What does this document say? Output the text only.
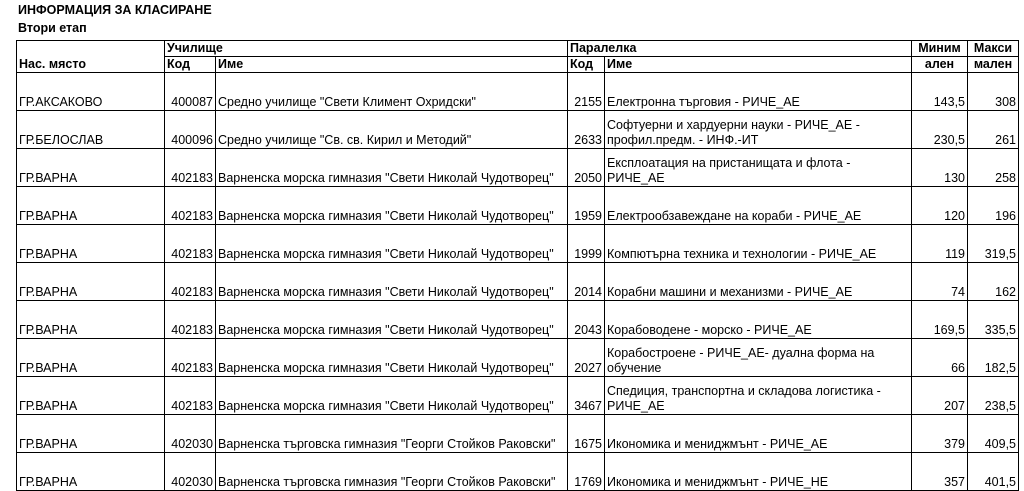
ИНФОРМАЦИЯ ЗА КЛАСИРАНЕ
Втори етап
Нас. място	Училище		Паралелка		Миним	Макси
	Код	Име	Код	Име	ален	мален
ГР.АКСАКОВО	400087	Средно училище "Свети Климент Охридски"	2155	Електронна търговия - РИЧЕ_АЕ	143,5	308
ГР.БЕЛОСЛАВ	400096	Средно училище "Св. св. Кирил и Методий"	2633	Софтуерни и хардуерни науки - РИЧЕ_АЕ - профил.предм. - ИНФ.-ИТ	230,5	261
ГР.ВАРНА	402183	Варненска морска гимназия "Свети Николай Чудотворец"	2050	Експлоатация на пристанищата и флота - РИЧЕ_АЕ	130	258
ГР.ВАРНА	402183	Варненска морска гимназия "Свети Николай Чудотворец"	1959	Електрообзавеждане на кораби - РИЧЕ_АЕ	120	196
ГР.ВАРНА	402183	Варненска морска гимназия "Свети Николай Чудотворец"	1999	Компютърна техника и технологии - РИЧЕ_АЕ	119	319,5
ГР.ВАРНА	402183	Варненска морска гимназия "Свети Николай Чудотворец"	2014	Корабни машини и механизми - РИЧЕ_АЕ	74	162
ГР.ВАРНА	402183	Варненска морска гимназия "Свети Николай Чудотворец"	2043	Корабоводене - морско - РИЧЕ_АЕ	169,5	335,5
ГР.ВАРНА	402183	Варненска морска гимназия "Свети Николай Чудотворец"	2027	Корабостроене - РИЧЕ_АЕ- дуална форма на обучение	66	182,5
ГР.ВАРНА	402183	Варненска морска гимназия "Свети Николай Чудотворец"	3467	Спедиция, транспортна и складова логистика - РИЧЕ_АЕ	207	238,5
ГР.ВАРНА	402030	Варненска търговска гимназия "Георги Стойков Раковски"	1675	Икономика и мениджмънт - РИЧЕ_АЕ	379	409,5
ГР.ВАРНА	402030	Варненска търговска гимназия "Георги Стойков Раковски"	1769	Икономика и мениджмънт - РИЧЕ_НЕ	357	401,5
